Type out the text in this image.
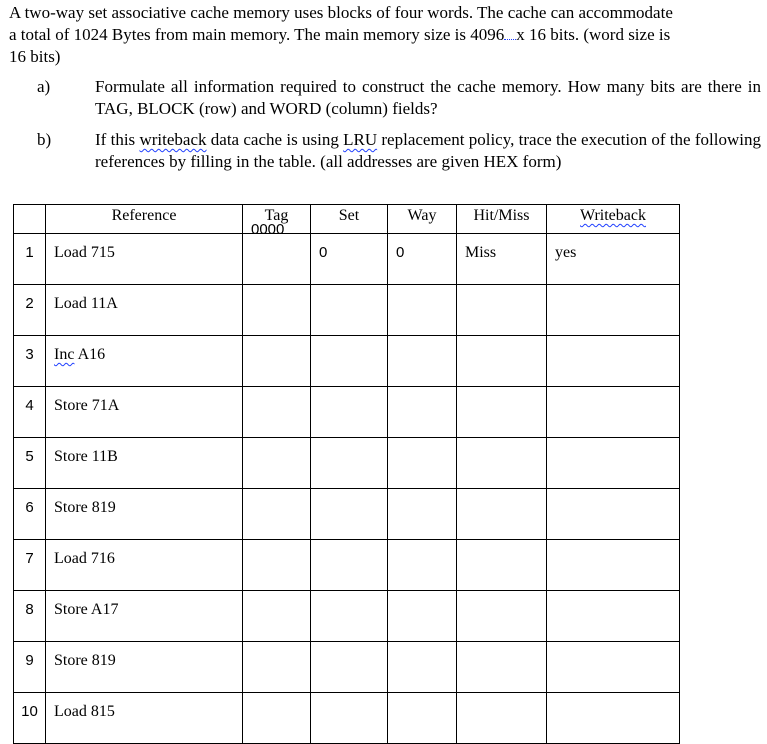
A two-way set associative cache memory uses blocks of four words. The cache can accommodate
a total of 1024 Bytes from main memory. The main memory size is 4096 x 16 bits. (word size is
16 bits)
a)	Formulate all information required to construct the cache memory. How many bits are there in TAG, BLOCK (row) and WORD (column) fields?
b)	If this writeback data cache is using LRU replacement policy, trace the execution of the following references by filling in the table. (all addresses are given HEX form)
	Reference	Tag	Set	Way	Hit/Miss	Writeback
1	Load 715	0000	0	0	Miss	yes
2	Load 11A					
3	Inc A16					
4	Store 71A					
5	Store 11B					
6	Store 819					
7	Load 716					
8	Store A17					
9	Store 819					
10	Load 815					
